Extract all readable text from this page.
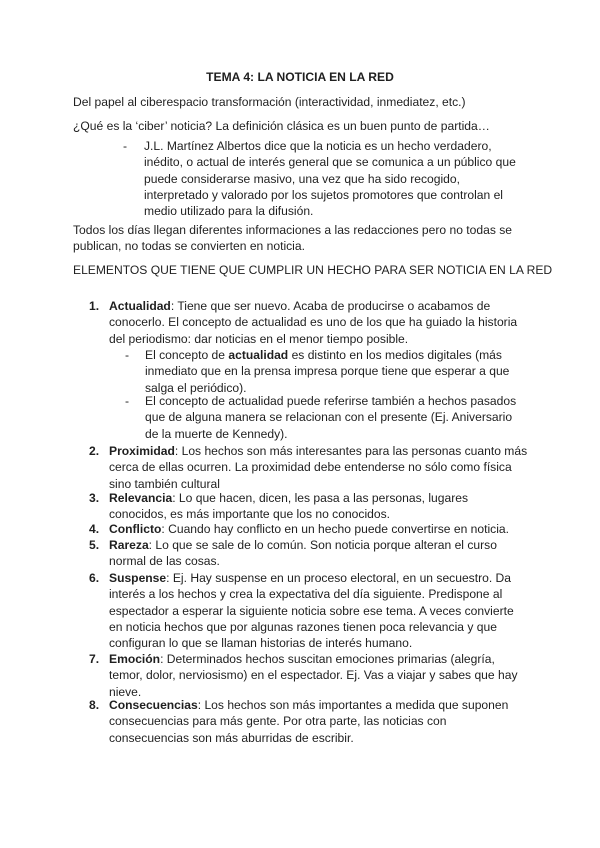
TEMA 4: LA NOTICIA EN LA RED
Del papel al ciberespacio transformación (interactividad, inmediatez, etc.)
¿Qué es la ‘ciber’ noticia? La definición clásica es un buen punto de partida…
- J.L. Martínez Albertos dice que la noticia es un hecho verdadero, inédito, o actual de interés general que se comunica a un público que puede considerarse masivo, una vez que ha sido recogido, interpretado y valorado por los sujetos promotores que controlan el medio utilizado para la difusión.
Todos los días llegan diferentes informaciones a las redacciones pero no todas se publican, no todas se convierten en noticia.
ELEMENTOS QUE TIENE QUE CUMPLIR UN HECHO PARA SER NOTICIA EN LA RED
1. Actualidad: Tiene que ser nuevo. Acaba de producirse o acabamos de conocerlo. El concepto de actualidad es uno de los que ha guiado la historia del periodismo: dar noticias en el menor tiempo posible.
- El concepto de actualidad es distinto en los medios digitales (más inmediato que en la prensa impresa porque tiene que esperar a que salga el periódico).
- El concepto de actualidad puede referirse también a hechos pasados que de alguna manera se relacionan con el presente (Ej. Aniversario de la muerte de Kennedy).
2. Proximidad: Los hechos son más interesantes para las personas cuanto más cerca de ellas ocurren. La proximidad debe entenderse no sólo como física sino también cultural
3. Relevancia: Lo que hacen, dicen, les pasa a las personas, lugares conocidos, es más importante que los no conocidos.
4. Conflicto: Cuando hay conflicto en un hecho puede convertirse en noticia.
5. Rareza: Lo que se sale de lo común. Son noticia porque alteran el curso normal de las cosas.
6. Suspense: Ej. Hay suspense en un proceso electoral, en un secuestro. Da interés a los hechos y crea la expectativa del día siguiente. Predispone al espectador a esperar la siguiente noticia sobre ese tema. A veces convierte en noticia hechos que por algunas razones tienen poca relevancia y que configuran lo que se llaman historias de interés humano.
7. Emoción: Determinados hechos suscitan emociones primarias (alegría, temor, dolor, nerviosismo) en el espectador. Ej. Vas a viajar y sabes que hay nieve.
8. Consecuencias: Los hechos son más importantes a medida que suponen consecuencias para más gente. Por otra parte, las noticias con consecuencias son más aburridas de escribir.
